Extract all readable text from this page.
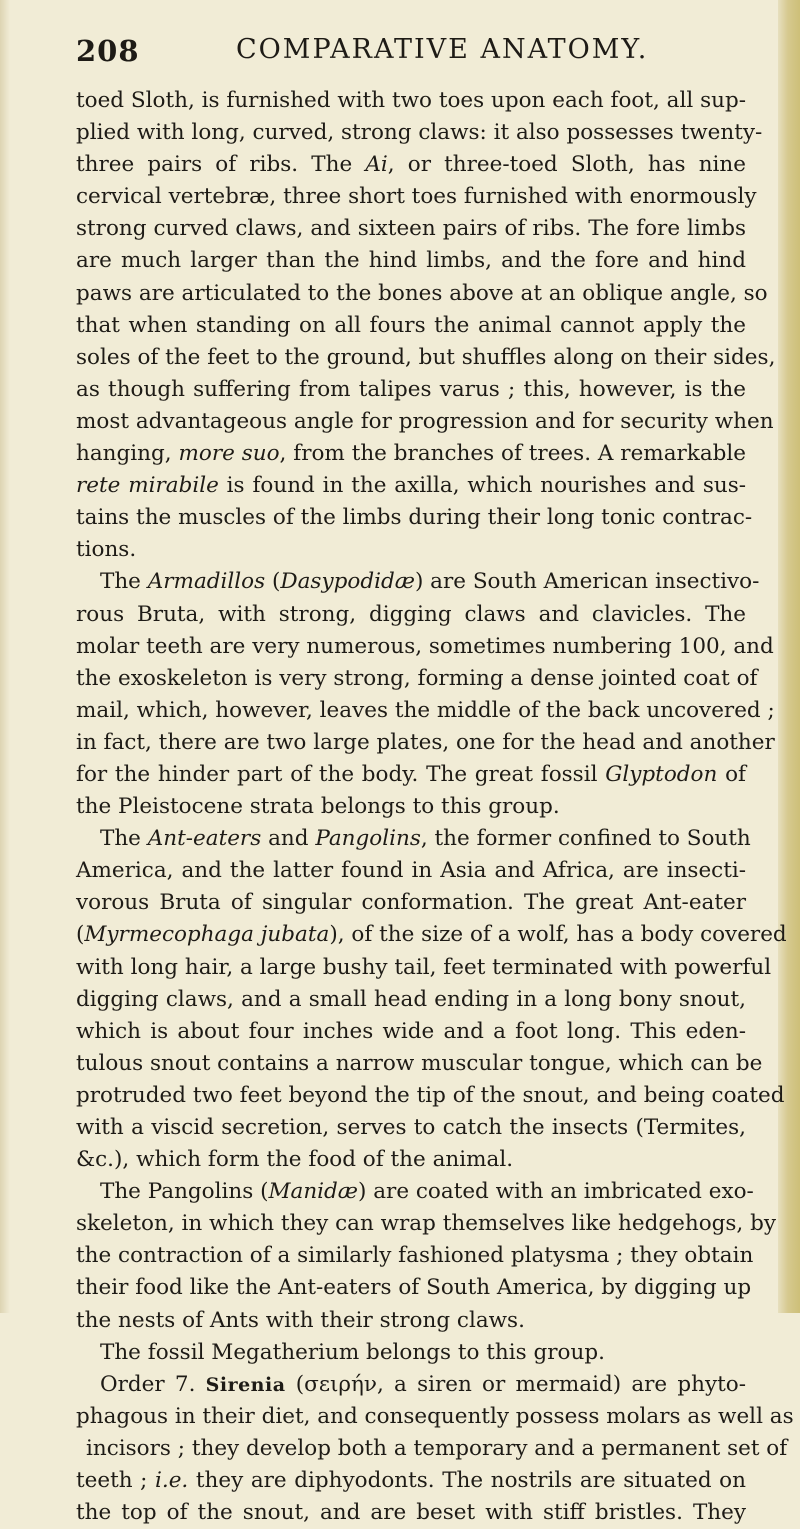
208	COMPARATIVE ANATOMY.
toed Sloth, is furnished with two toes upon each foot, all sup-
plied with long, curved, strong claws: it also possesses twenty-
three pairs of ribs. The Ai, or three-toed Sloth, has nine
cervical vertebræ, three short toes furnished with enormously
strong curved claws, and sixteen pairs of ribs. The fore limbs
are much larger than the hind limbs, and the fore and hind
paws are articulated to the bones above at an oblique angle, so
that when standing on all fours the animal cannot apply the
soles of the feet to the ground, but shuffles along on their sides,
as though suffering from talipes varus ; this, however, is the
most advantageous angle for progression and for security when
hanging, more suo, from the branches of trees. A remarkable
rete mirabile is found in the axilla, which nourishes and sus-
tains the muscles of the limbs during their long tonic contrac-
tions.
The Armadillos (Dasypodidæ) are South American insectivo-
rous Bruta, with strong, digging claws and clavicles. The
molar teeth are very numerous, sometimes numbering 100, and
the exoskeleton is very strong, forming a dense jointed coat of
mail, which, however, leaves the middle of the back uncovered ;
in fact, there are two large plates, one for the head and another
for the hinder part of the body. The great fossil Glyptodon of
the Pleistocene strata belongs to this group.
The Ant-eaters and Pangolins, the former confined to South
America, and the latter found in Asia and Africa, are insecti-
vorous Bruta of singular conformation. The great Ant-eater
(Myrmecophaga jubata), of the size of a wolf, has a body covered
with long hair, a large bushy tail, feet terminated with powerful
digging claws, and a small head ending in a long bony snout,
which is about four inches wide and a foot long. This eden-
tulous snout contains a narrow muscular tongue, which can be
protruded two feet beyond the tip of the snout, and being coated
with a viscid secretion, serves to catch the insects (Termites,
&c.), which form the food of the animal.
The Pangolins (Manidæ) are coated with an imbricated exo-
skeleton, in which they can wrap themselves like hedgehogs, by
the contraction of a similarly fashioned platysma ; they obtain
their food like the Ant-eaters of South America, by digging up
the nests of Ants with their strong claws.
The fossil Megatherium belongs to this group.
Order 7. Sirenia (σειρήν, a siren or mermaid) are phyto-
phagous in their diet, and consequently possess molars as well as
incisors ; they develop both a temporary and a permanent set of
teeth ; i.e. they are diphyodonts. The nostrils are situated on
the top of the snout, and are beset with stiff bristles. They
